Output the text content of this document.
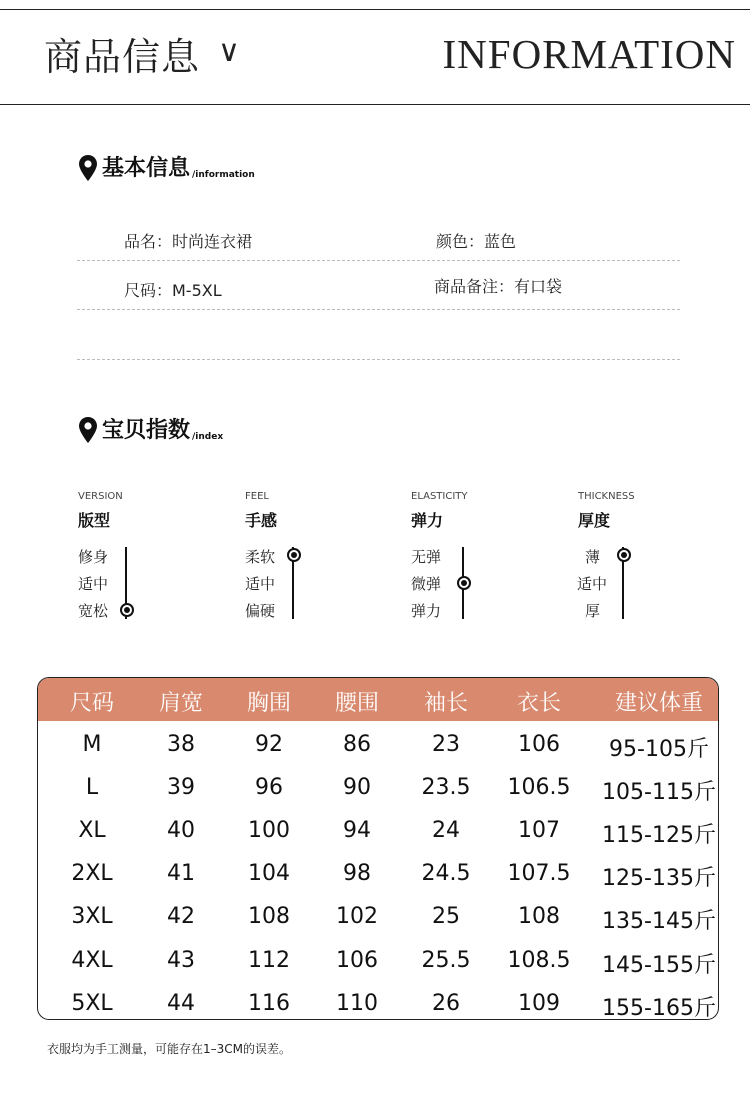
商品信息 ∨	INFORMATION
基本信息 /information
品名：时尚连衣裙	颜色：蓝色
尺码：M-5XL	商品备注：有口袋
宝贝指数 /index
VERSION
版型
修身
适中
宽松
FEEL
手感
柔软
适中
偏硬
ELASTICITY
弹力
无弹
微弹
弹力
THICKNESS
厚度
薄
适中
厚
尺码 肩宽 胸围 腰围 袖长 衣长 建议体重
M	38	92	86	23	106 95-105斤
L	39	96	90 23.5 106.5 105-115斤
XL	40 100 94	24	107 115-125斤
2XL 41 104 98 24.5 107.5 125-135斤
3XL 42 108 102 25	108 135-145斤
4XL 43 112 106 25.5 108.5 145-155斤
5XL 44 116 110 26	109 155-165斤
衣服均为手工测量，可能存在1–3CM的误差。
